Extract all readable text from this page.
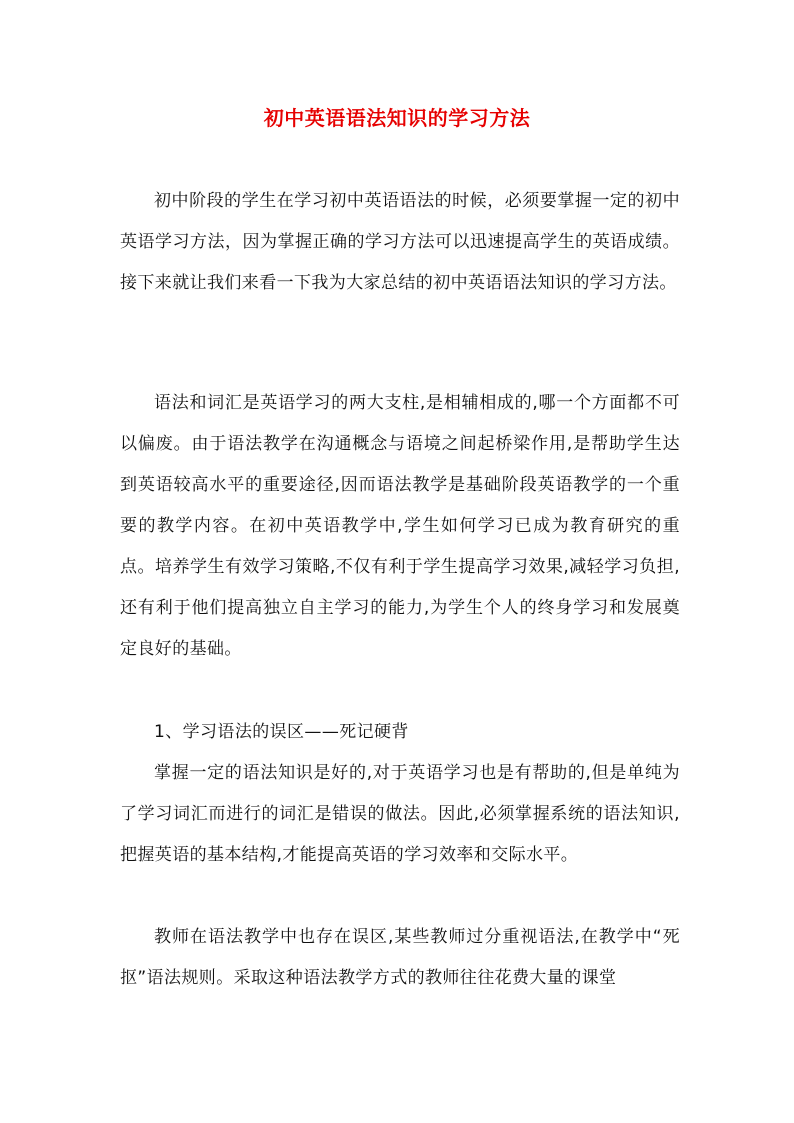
初中英语语法知识的学习方法

初中阶段的学生在学习初中英语语法的时候，必须要掌握一定的初中英语学习方法，因为掌握正确的学习方法可以迅速提高学生的英语成绩。接下来就让我们来看一下我为大家总结的初中英语语法知识的学习方法。

语法和词汇是英语学习的两大支柱,是相辅相成的,哪一个方面都不可以偏废。由于语法教学在沟通概念与语境之间起桥梁作用,是帮助学生达到英语较高水平的重要途径,因而语法教学是基础阶段英语教学的一个重要的教学内容。在初中英语教学中,学生如何学习已成为教育研究的重点。培养学生有效学习策略,不仅有利于学生提高学习效果,减轻学习负担,还有利于他们提高独立自主学习的能力,为学生个人的终身学习和发展奠定良好的基础。

1、学习语法的误区——死记硬背

掌握一定的语法知识是好的,对于英语学习也是有帮助的,但是单纯为了学习词汇而进行的词汇是错误的做法。因此,必须掌握系统的语法知识,把握英语的基本结构,才能提高英语的学习效率和交际水平。

教师在语法教学中也存在误区,某些教师过分重视语法,在教学中“死抠”语法规则。采取这种语法教学方式的教师往往花费大量的课堂
